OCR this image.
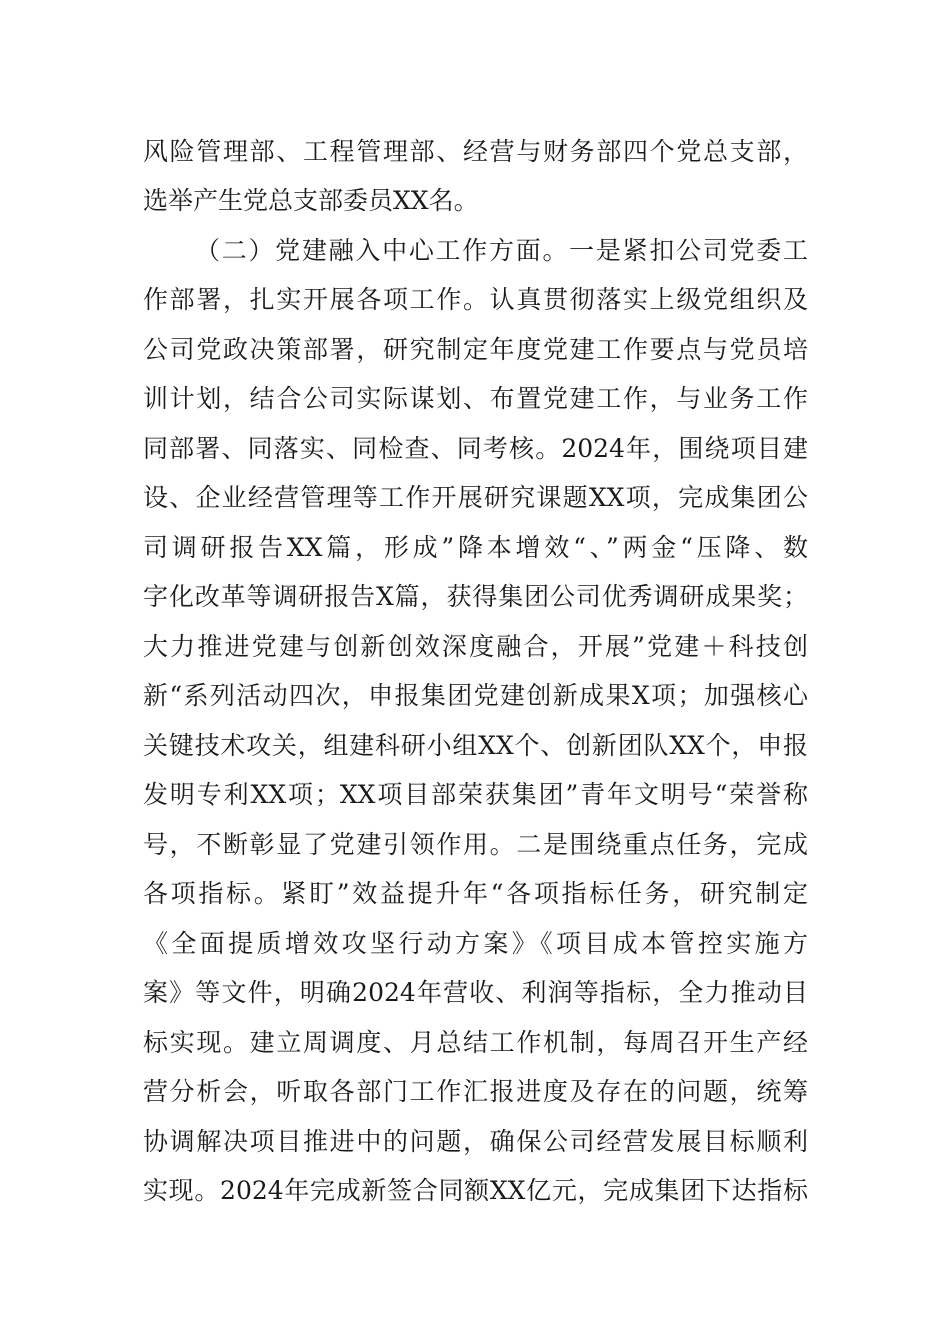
风险管理部、工程管理部、经营与财务部四个党总支部，
选举产生党总支部委员XX名。
（二）党建融入中心工作方面。一是紧扣公司党委工
作部署，扎实开展各项工作。认真贯彻落实上级党组织及
公司党政决策部署，研究制定年度党建工作要点与党员培
训计划，结合公司实际谋划、布置党建工作，与业务工作
同部署、同落实、同检查、同考核。2024年，围绕项目建
设、企业经营管理等工作开展研究课题XX项，完成集团公
司调研报告XX篇，形成”降本增效“、”两金“压降、数
字化改革等调研报告X篇，获得集团公司优秀调研成果奖；
大力推进党建与创新创效深度融合，开展”党建＋科技创
新“系列活动四次，申报集团党建创新成果X项；加强核心
关键技术攻关，组建科研小组XX个、创新团队XX个，申报
发明专利XX项；XX项目部荣获集团”青年文明号“荣誉称
号，不断彰显了党建引领作用。二是围绕重点任务，完成
各项指标。紧盯”效益提升年“各项指标任务，研究制定
《全面提质增效攻坚行动方案》《项目成本管控实施方
案》等文件，明确2024年营收、利润等指标，全力推动目
标实现。建立周调度、月总结工作机制，每周召开生产经
营分析会，听取各部门工作汇报进度及存在的问题，统筹
协调解决项目推进中的问题，确保公司经营发展目标顺利
实现。2024年完成新签合同额XX亿元，完成集团下达指标
